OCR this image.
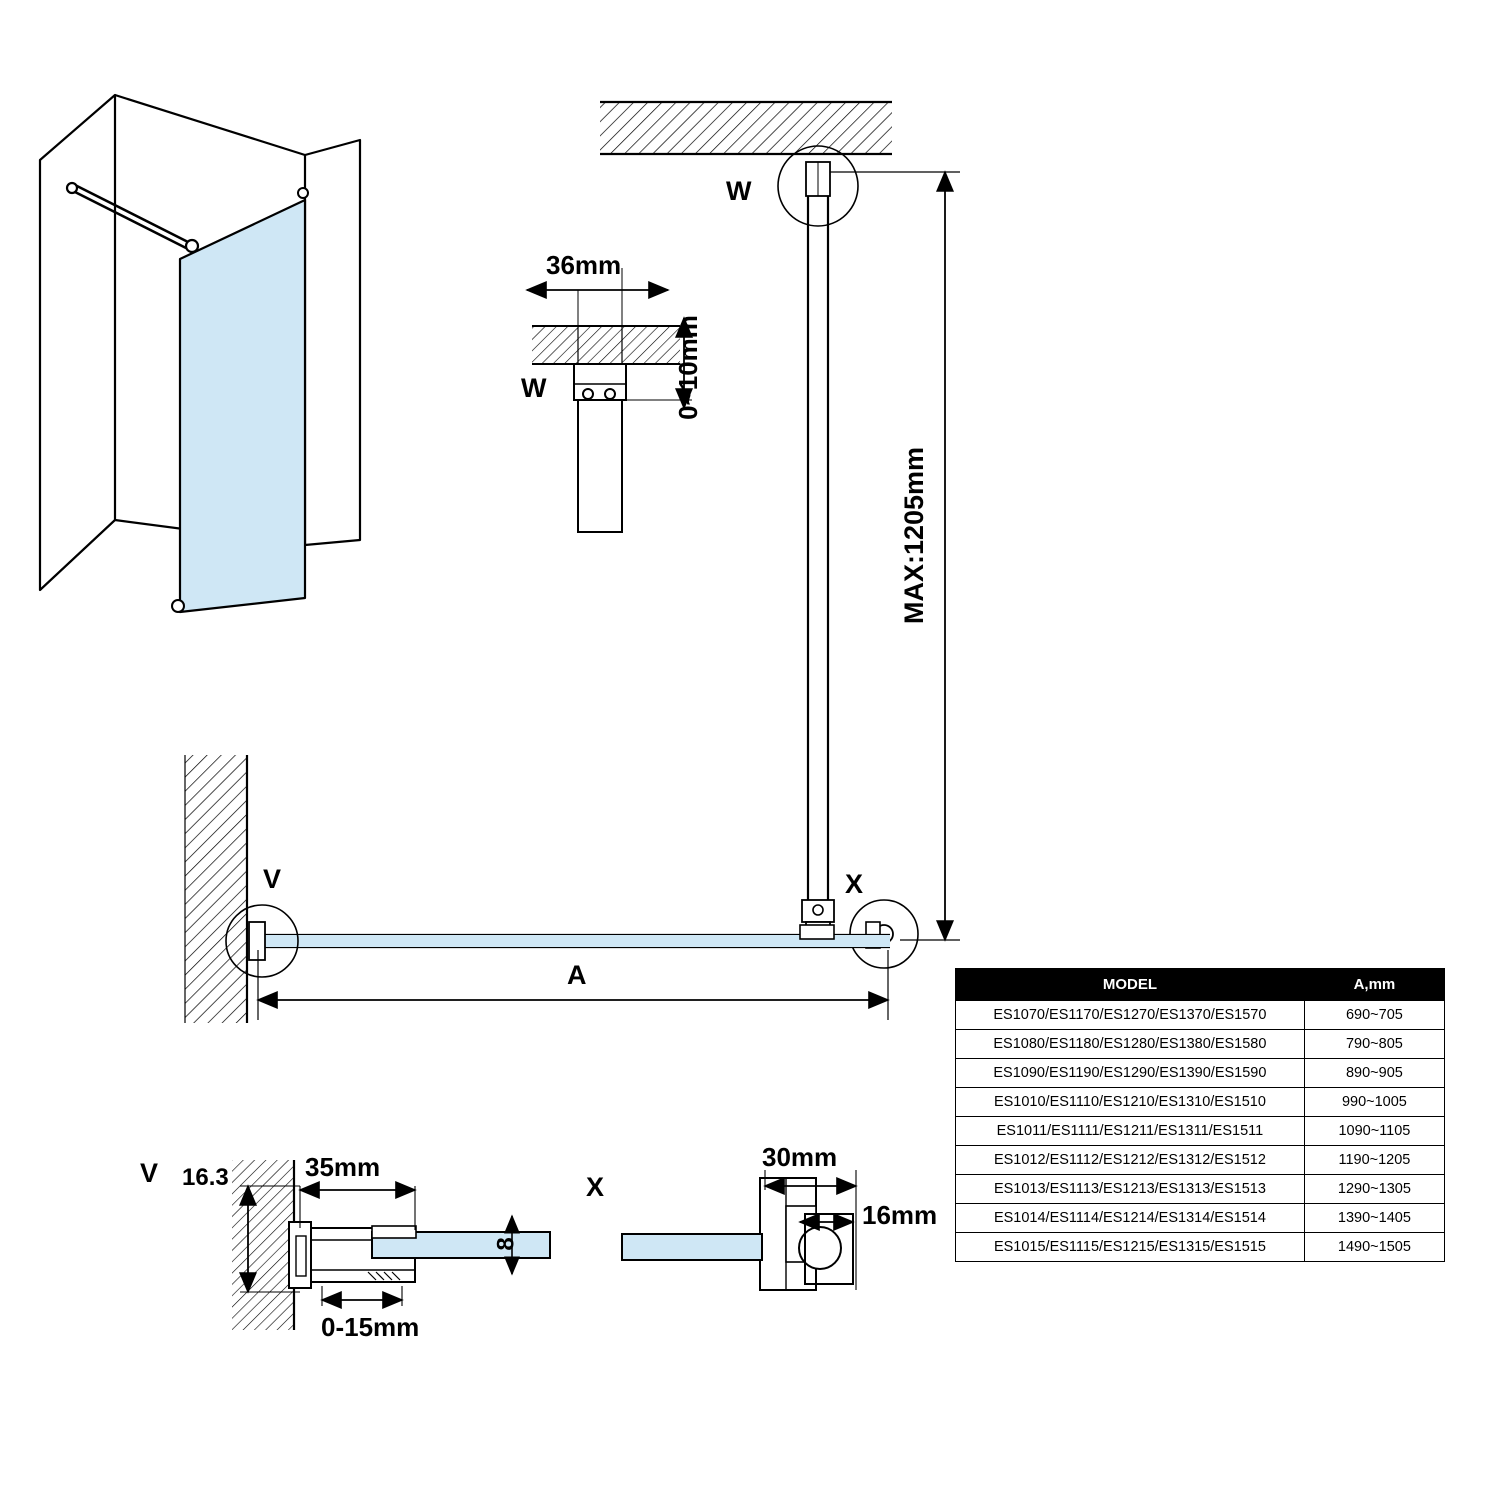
W
W
36mm
0~10mm
MAX:1205mm
V	X
A
V 16.3	35mm
0-15mm
8
X
30mm
16mm
MODEL	A,mm
ES1070/ES1170/ES1270/ES1370/ES1570	690~705
ES1080/ES1180/ES1280/ES1380/ES1580	790~805
ES1090/ES1190/ES1290/ES1390/ES1590	890~905
ES1010/ES1110/ES1210/ES1310/ES1510	990~1005
ES1011/ES1111/ES1211/ES1311/ES1511	1090~1105
ES1012/ES1112/ES1212/ES1312/ES1512	1190~1205
ES1013/ES1113/ES1213/ES1313/ES1513	1290~1305
ES1014/ES1114/ES1214/ES1314/ES1514	1390~1405
ES1015/ES1115/ES1215/ES1315/ES1515	1490~1505
